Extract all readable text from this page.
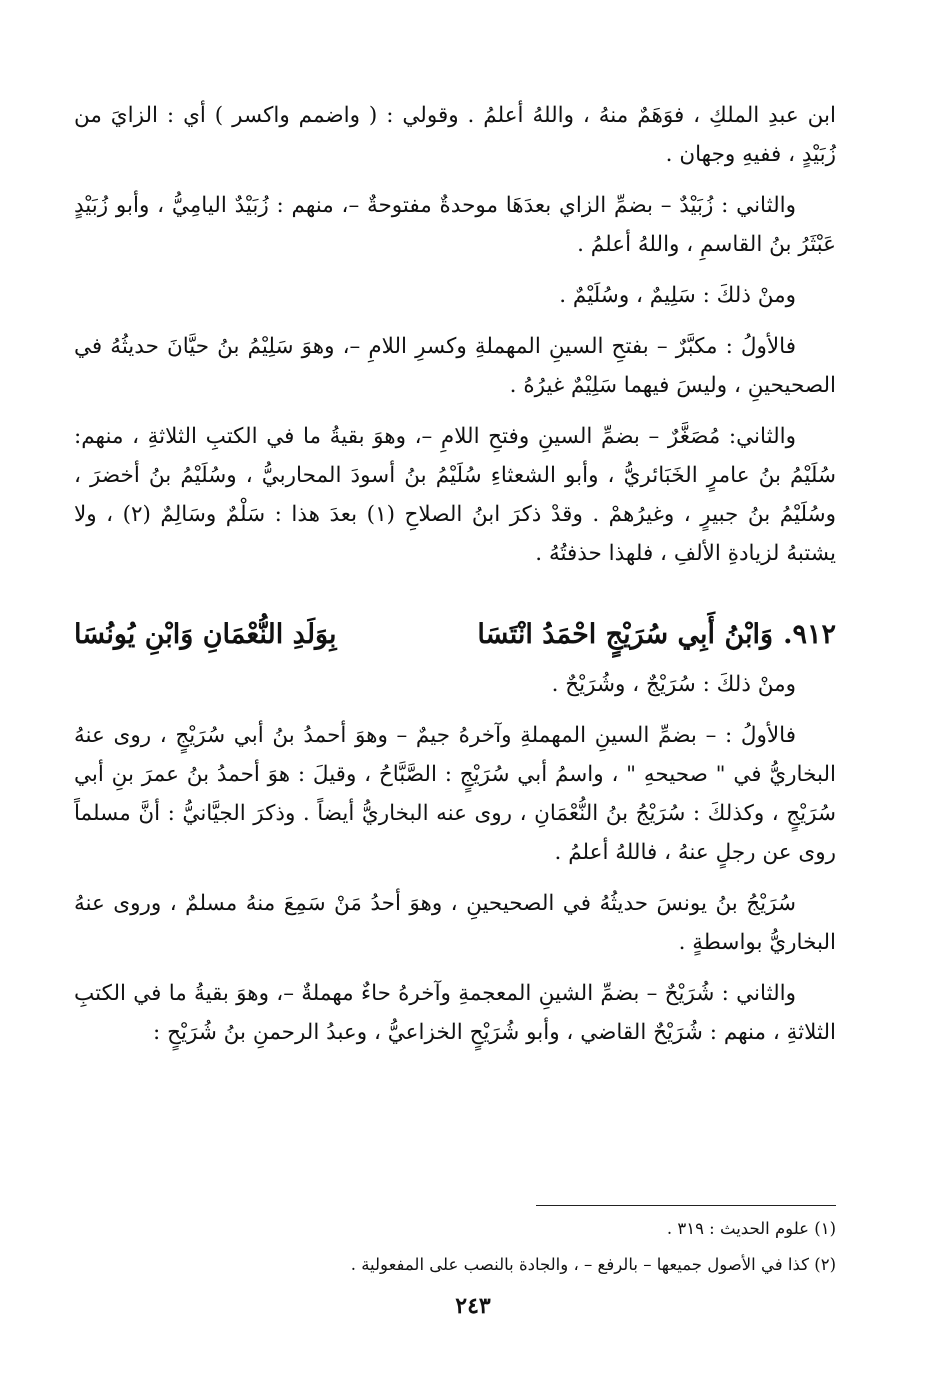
ابن عبدِ الملكِ ، فوَهَمٌ منهُ ، واللهُ أعلمُ . وقولي : ( واضمم واكسر ) أي : الزايَ من زُبَيْدٍ ، ففيهِ وجهان .

والثاني : زُبَيْدٌ – بضمِّ الزاي بعدَهَا موحدةٌ مفتوحةٌ –، منهم : زُبَيْدٌ اليامِيُّ ، وأبو زُبَيْدٍ عَبْثَرُ بنُ القاسمِ ، واللهُ أعلمُ .

ومنْ ذلكَ : سَلِيمٌ ، وسُلَيْمٌ .

فالأولُ : مكبَّرٌ – بفتحِ السينِ المهملةِ وكسرِ اللامِ –، وهوَ سَلِيْمُ بنُ حيَّانَ حديثُهُ في الصحيحينِ ، وليسَ فيهما سَلِيْمٌ غيرُهُ .

والثاني: مُصَغَّرٌ – بضمِّ السينِ وفتحِ اللامِ –، وهوَ بقيةُ ما في الكتبِ الثلاثةِ ، منهم: سُلَيْمُ بنُ عامرٍ الخَبَائريُّ ، وأبو الشعثاءِ سُلَيْمُ بنُ أسودَ المحاربيُّ ، وسُلَيْمُ بنُ أخضرَ ، وسُلَيْمُ بنُ جبيرٍ ، وغيرُهمْ . وقدْ ذكرَ ابنُ الصلاحِ (١) بعدَ هذا : سَلْمٌ وسَالِمٌ (٢) ، ولا يشتبهُ لزيادةِ الألفِ ، فلهذا حذفتُهُ .

٩١٢.
وَابْنُ أَبِي سُرَيْجٍ احْمَدُ انْتَسَا
بِوَلَدِ النُّعْمَانِ وَابْنِ يُونُسَا

ومنْ ذلكَ : سُرَيْجٌ ، وشُرَيْحٌ .

فالأولُ : – بضمِّ السينِ المهملةِ وآخرهُ جيمٌ – وهوَ أحمدُ بنُ أبي سُرَيْجٍ ، روى عنهُ البخاريُّ في " صحيحهِ " ، واسمُ أبي سُرَيْجٍ : الصَّبَّاحُ ، وقيلَ : هوَ أحمدُ بنُ عمرَ بنِ أبي سُرَيْجٍ ، وكذلكَ : سُرَيْجُ بنُ النُّعْمَانِ ، روى عنه البخاريُّ أيضاً . وذكرَ الجيَّانيُّ : أنَّ مسلماً روى عن رجلٍ عنهُ ، فاللهُ أعلمُ .

سُرَيْجُ بنُ يونسَ حديثُهُ في الصحيحينِ ، وهوَ أحدُ مَنْ سَمِعَ منهُ مسلمٌ ، وروى عنهُ البخاريُّ بواسطةٍ .

والثاني : شُرَيْحٌ – بضمِّ الشينِ المعجمةِ وآخرهُ حاءٌ مهملةٌ –، وهوَ بقيةُ ما في الكتبِ الثلاثةِ ، منهم : شُرَيْحٌ القاضي ، وأبو شُرَيْحٍ الخزاعيُّ ، وعبدُ الرحمنِ بنُ شُرَيْحٍ :

(١) علوم الحديث : ٣١٩ .

(٢) كذا في الأصول جميعها – بالرفع – ، والجادة بالنصب على المفعولية .

٢٤٣
